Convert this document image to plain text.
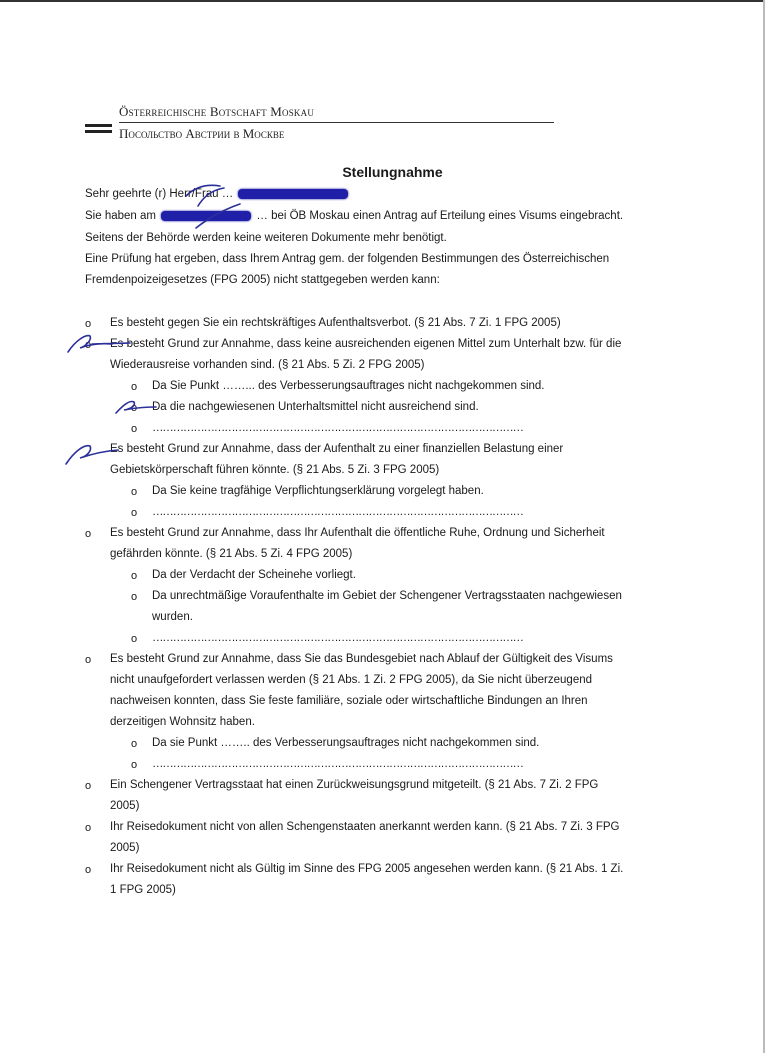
Österreichische Botschaft Moskau
Посольство Австрии в Москве
Stellungnahme
Sehr geehrte (r) Herr/Frau …
Sie haben am	… bei ÖB Moskau einen Antrag auf Erteilung eines Visums eingebracht.
Seitens der Behörde werden keine weiteren Dokumente mehr benötigt.
Eine Prüfung hat ergeben, dass Ihrem Antrag gem. der folgenden Bestimmungen des Österreichischen
Fremdenpoizeigesetzes (FPG 2005) nicht stattgegeben werden kann:
o Es besteht gegen Sie ein rechtskräftiges Aufenthaltsverbot. (§ 21 Abs. 7 Zi. 1 FPG 2005)
o Es besteht Grund zur Annahme, dass keine ausreichenden eigenen Mittel zum Unterhalt bzw. für die
Wiederausreise vorhanden sind. (§ 21 Abs. 5 Zi. 2 FPG 2005)
o Da Sie Punkt ……... des Verbesserungsauftrages nicht nachgekommen sind.
o Da die nachgewiesenen Unterhaltsmittel nicht ausreichend sind.
o ………………………………………………………………………………………………
Es besteht Grund zur Annahme, dass der Aufenthalt zu einer finanziellen Belastung einer
Gebietskörperschaft führen könnte. (§ 21 Abs. 5 Zi. 3 FPG 2005)
o Da Sie keine tragfähige Verpflichtungserklärung vorgelegt haben.
o ………………………………………………………………………………………………
o Es besteht Grund zur Annahme, dass Ihr Aufenthalt die öffentliche Ruhe, Ordnung und Sicherheit
gefährden könnte. (§ 21 Abs. 5 Zi. 4 FPG 2005)
o Da der Verdacht der Scheinehe vorliegt.
o Da unrechtmäßige Voraufenthalte im Gebiet der Schengener Vertragsstaaten nachgewiesen
wurden.
o ………………………………………………………………………………………………
o Es besteht Grund zur Annahme, dass Sie das Bundesgebiet nach Ablauf der Gültigkeit des Visums
nicht unaufgefordert verlassen werden (§ 21 Abs. 1 Zi. 2 FPG 2005), da Sie nicht überzeugend
nachweisen konnten, dass Sie feste familiäre, soziale oder wirtschaftliche Bindungen an Ihren
derzeitigen Wohnsitz haben.
o Da sie Punkt …….. des Verbesserungsauftrages nicht nachgekommen sind.
o ………………………………………………………………………………………………
o Ein Schengener Vertragsstaat hat einen Zurückweisungsgrund mitgeteilt. (§ 21 Abs. 7 Zi. 2 FPG
2005)
o Ihr Reisedokument nicht von allen Schengenstaaten anerkannt werden kann. (§ 21 Abs. 7 Zi. 3 FPG
2005)
o Ihr Reisedokument nicht als Gültig im Sinne des FPG 2005 angesehen werden kann. (§ 21 Abs. 1 Zi.
1 FPG 2005)
